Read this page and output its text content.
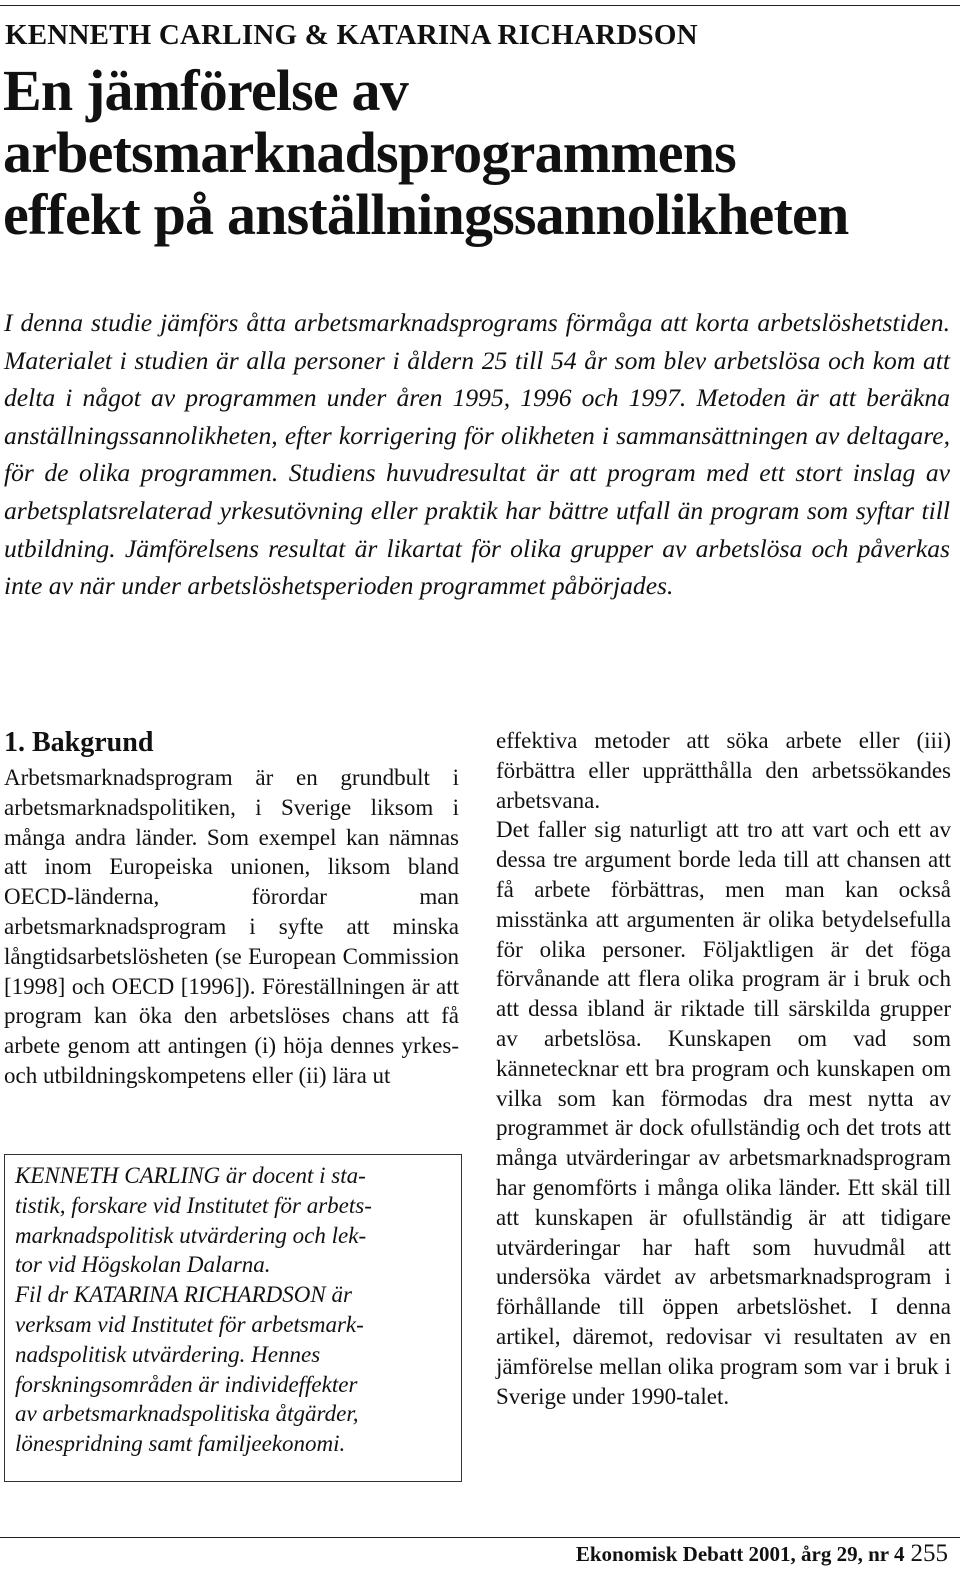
KENNETH CARLING & KATARINA RICHARDSON
En jämförelse av
arbetsmarknadsprogrammens
effekt på anställningssannolikheten

I denna studie jämförs åtta arbetsmarknadsprograms förmåga att korta arbetslöshetstiden. Materialet i studien är alla personer i åldern 25 till 54 år som blev arbetslösa och kom att delta i något av programmen under åren 1995, 1996 och 1997. Metoden är att beräkna anställningssannolikheten, efter korrigering för olikheten i sammansättningen av deltagare, för de olika programmen. Studiens huvudresultat är att program med ett stort inslag av arbetsplatsrelaterad yrkesutövning eller praktik har bättre utfall än program som syftar till utbildning. Jämförelsens resultat är likartat för olika grupper av arbetslösa och påverkas inte av när under arbetslöshetsperioden programmet påbörjades.

1. Bakgrund

Arbetsmarknadsprogram är en grundbult i arbetsmarknadspolitiken, i Sverige liksom i många andra länder. Som exempel kan nämnas att inom Europeiska unionen, liksom bland OECD-länderna, förordar man arbetsmarknadsprogram i syfte att minska långtidsarbetslösheten (se European Commission [1998] och OECD [1996]). Föreställningen är att program kan öka den arbetslöses chans att få arbete genom att antingen (i) höja dennes yrkes- och utbildningskompetens eller (ii) lära ut

KENNETH CARLING är docent i sta-

tistik, forskare vid Institutet för arbets-

marknadspolitisk utvärdering och lek-

tor vid Högskolan Dalarna.

Fil dr KATARINA RICHARDSON är

verksam vid Institutet för arbetsmark-

nadspolitisk utvärdering. Hennes

forskningsområden är individeffekter

av arbetsmarknadspolitiska åtgärder,

lönespridning samt familjeekonomi.

effektiva metoder att söka arbete eller (iii) förbättra eller upprätthålla den arbetssökandes arbetsvana.

Det faller sig naturligt att tro att vart och ett av dessa tre argument borde leda till att chansen att få arbete förbättras, men man kan också misstänka att argumenten är olika betydelsefulla för olika personer. Följaktligen är det föga förvånande att flera olika program är i bruk och att dessa ibland är riktade till särskilda grupper av arbetslösa. Kunskapen om vad som kännetecknar ett bra program och kunskapen om vilka som kan förmodas dra mest nytta av programmet är dock ofullständig och det trots att många utvärderingar av arbetsmarknadsprogram har genomförts i många olika länder. Ett skäl till att kunskapen är ofullständig är att tidigare utvärderingar har haft som huvudmål att undersöka värdet av arbetsmarknadsprogram i förhållande till öppen arbetslöshet. I denna artikel, däremot, redovisar vi resultaten av en jämförelse mellan olika program som var i bruk i Sverige under 1990-talet.

Ekonomisk Debatt 2001, årg 29, nr 4 255
